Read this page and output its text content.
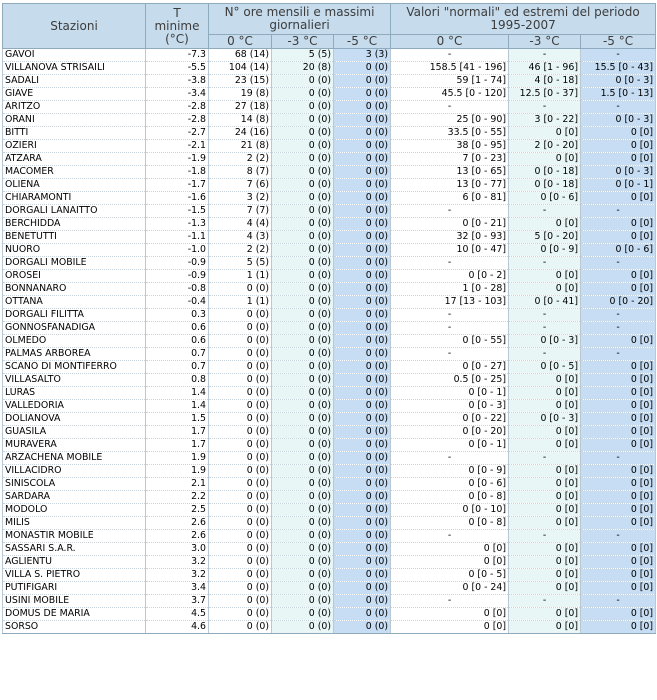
Stazioni	T minime (°C)	N° ore mensili e massimi giornalieri			Valori "normali" ed estremi del periodo 1995-2007		
		0 °C	-3 °C	-5 °C	0 °C	-3 °C	-5 °C
GAVOI	-7.3	68 (14)	5 (5)	3 (3)	-	-	-
VILLANOVA STRISAILI	-5.5	104 (14)	20 (8)	0 (0)	158.5 [41 - 196]	46 [1 - 96]	15.5 [0 - 43]
SADALI	-3.8	23 (15)	0 (0)	0 (0)	59 [1 - 74]	4 [0 - 18]	0 [0 - 3]
GIAVE	-3.4	19 (8)	0 (0)	0 (0)	45.5 [0 - 120]	12.5 [0 - 37]	1.5 [0 - 13]
ARITZO	-2.8	27 (18)	0 (0)	0 (0)	-	-	-
ORANI	-2.8	14 (8)	0 (0)	0 (0)	25 [0 - 90]	3 [0 - 22]	0 [0 - 3]
BITTI	-2.7	24 (16)	0 (0)	0 (0)	33.5 [0 - 55]	0 [0]	0 [0]
OZIERI	-2.1	21 (8)	0 (0)	0 (0)	38 [0 - 95]	2 [0 - 20]	0 [0]
ATZARA	-1.9	2 (2)	0 (0)	0 (0)	7 [0 - 23]	0 [0]	0 [0]
MACOMER	-1.8	8 (7)	0 (0)	0 (0)	13 [0 - 65]	0 [0 - 18]	0 [0 - 3]
OLIENA	-1.7	7 (6)	0 (0)	0 (0)	13 [0 - 77]	0 [0 - 18]	0 [0 - 1]
CHIARAMONTI	-1.6	3 (2)	0 (0)	0 (0)	6 [0 - 81]	0 [0 - 6]	0 [0]
DORGALI LANAITTO	-1.5	7 (7)	0 (0)	0 (0)	-	-	-
BERCHIDDA	-1.3	4 (4)	0 (0)	0 (0)	0 [0 - 21]	0 [0]	0 [0]
BENETUTTI	-1.1	4 (3)	0 (0)	0 (0)	32 [0 - 93]	5 [0 - 20]	0 [0]
NUORO	-1.0	2 (2)	0 (0)	0 (0)	10 [0 - 47]	0 [0 - 9]	0 [0 - 6]
DORGALI MOBILE	-0.9	5 (5)	0 (0)	0 (0)	-	-	-
OROSEI	-0.9	1 (1)	0 (0)	0 (0)	0 [0 - 2]	0 [0]	0 [0]
BONNANARO	-0.8	0 (0)	0 (0)	0 (0)	1 [0 - 28]	0 [0]	0 [0]
OTTANA	-0.4	1 (1)	0 (0)	0 (0)	17 [13 - 103]	0 [0 - 41]	0 [0 - 20]
DORGALI FILITTA	0.3	0 (0)	0 (0)	0 (0)	-	-	-
GONNOSFANADIGA	0.6	0 (0)	0 (0)	0 (0)	-	-	-
OLMEDO	0.6	0 (0)	0 (0)	0 (0)	0 [0 - 55]	0 [0 - 3]	0 [0]
PALMAS ARBOREA	0.7	0 (0)	0 (0)	0 (0)	-	-	-
SCANO DI MONTIFERRO	0.7	0 (0)	0 (0)	0 (0)	0 [0 - 27]	0 [0 - 5]	0 [0]
VILLASALTO	0.8	0 (0)	0 (0)	0 (0)	0.5 [0 - 25]	0 [0]	0 [0]
LURAS	1.4	0 (0)	0 (0)	0 (0)	0 [0 - 1]	0 [0]	0 [0]
VALLEDORIA	1.4	0 (0)	0 (0)	0 (0)	0 [0 - 3]	0 [0]	0 [0]
DOLIANOVA	1.5	0 (0)	0 (0)	0 (0)	0 [0 - 22]	0 [0 - 3]	0 [0]
GUASILA	1.7	0 (0)	0 (0)	0 (0)	0 [0 - 20]	0 [0]	0 [0]
MURAVERA	1.7	0 (0)	0 (0)	0 (0)	0 [0 - 1]	0 [0]	0 [0]
ARZACHENA MOBILE	1.9	0 (0)	0 (0)	0 (0)	-	-	-
VILLACIDRO	1.9	0 (0)	0 (0)	0 (0)	0 [0 - 9]	0 [0]	0 [0]
SINISCOLA	2.1	0 (0)	0 (0)	0 (0)	0 [0 - 6]	0 [0]	0 [0]
SARDARA	2.2	0 (0)	0 (0)	0 (0)	0 [0 - 8]	0 [0]	0 [0]
MODOLO	2.5	0 (0)	0 (0)	0 (0)	0 [0 - 10]	0 [0]	0 [0]
MILIS	2.6	0 (0)	0 (0)	0 (0)	0 [0 - 8]	0 [0]	0 [0]
MONASTIR MOBILE	2.6	0 (0)	0 (0)	0 (0)	-	-	-
SASSARI S.A.R.	3.0	0 (0)	0 (0)	0 (0)	0 [0]	0 [0]	0 [0]
AGLIENTU	3.2	0 (0)	0 (0)	0 (0)	0 [0]	0 [0]	0 [0]
VILLA S. PIETRO	3.2	0 (0)	0 (0)	0 (0)	0 [0 - 5]	0 [0]	0 [0]
PUTIFIGARI	3.4	0 (0)	0 (0)	0 (0)	0 [0 - 24]	0 [0]	0 [0]
USINI MOBILE	3.7	0 (0)	0 (0)	0 (0)	-	-	-
DOMUS DE MARIA	4.5	0 (0)	0 (0)	0 (0)	0 [0]	0 [0]	0 [0]
SORSO	4.6	0 (0)	0 (0)	0 (0)	0 [0]	0 [0]	0 [0]
